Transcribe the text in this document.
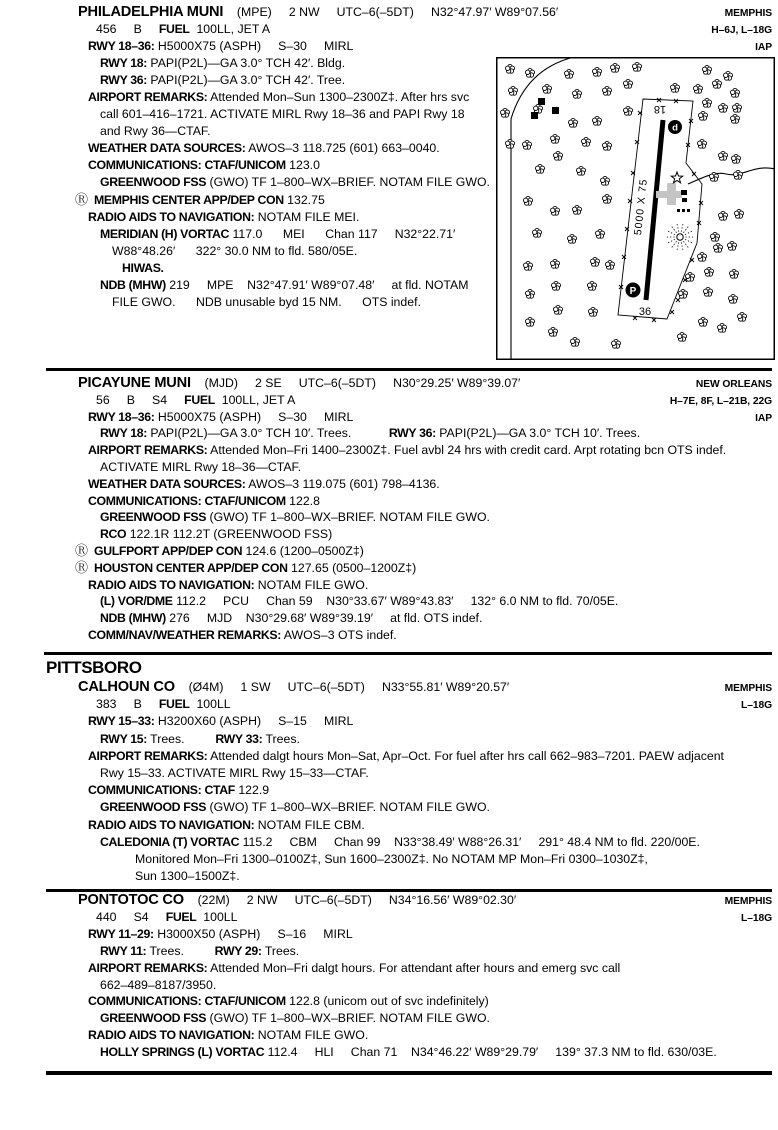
PHILADELPHIA MUNI    (MPE)     2 NW     UTC–6(–5DT)     N32°47.97′ W89°07.56′
456     B     FUEL  100LL, JET A
RWY 18–36: H5000X75 (ASPH)     S–30     MIRL
RWY 18: PAPI(P2L)—GA 3.0° TCH 42′. Bldg.
RWY 36: PAPI(P2L)—GA 3.0° TCH 42′. Tree.
AIRPORT REMARKS: Attended Mon–Sun 1300–2300Z‡. After hrs svc
call 601–416–1721. ACTIVATE MIRL Rwy 18–36 and PAPI Rwy 18
and Rwy 36—CTAF.
WEATHER DATA SOURCES: AWOS–3 118.725 (601) 663–0040.
COMMUNICATIONS: CTAF/UNICOM 123.0
GREENWOOD FSS (GWO) TF 1–800–WX–BRIEF. NOTAM FILE GWO.
Ⓡ MEMPHIS CENTER APP/DEP CON 132.75
RADIO AIDS TO NAVIGATION: NOTAM FILE MEI.
MERIDIAN (H) VORTAC 117.0      MEI      Chan 117     N32°22.71′
W88°48.26′      322° 30.0 NM to fld. 580/05E.
HIWAS.
NDB (MHW) 219     MPE    N32°47.91′ W89°07.48′     at fld. NOTAM
FILE GWO.      NDB unusable byd 15 NM.      OTS indef.
MEMPHIS
H–6J, L–18G
IAP
d
P
18
36
5000 X 75
PICAYUNE MUNI    (MJD)     2 SE     UTC–6(–5DT)     N30°29.25′ W89°39.07′
56     B     S4     FUEL  100LL, JET A
RWY 18–36: H5000X75 (ASPH)     S–30     MIRL
RWY 18: PAPI(P2L)—GA 3.0° TCH 10′. Trees.           RWY 36: PAPI(P2L)—GA 3.0° TCH 10′. Trees.
AIRPORT REMARKS: Attended Mon–Fri 1400–2300Z‡. Fuel avbl 24 hrs with credit card. Arpt rotating bcn OTS indef.
ACTIVATE MIRL Rwy 18–36—CTAF.
WEATHER DATA SOURCES: AWOS–3 119.075 (601) 798–4136.
COMMUNICATIONS: CTAF/UNICOM 122.8
GREENWOOD FSS (GWO) TF 1–800–WX–BRIEF. NOTAM FILE GWO.
RCO 122.1R 112.2T (GREENWOOD FSS)
Ⓡ GULFPORT APP/DEP CON 124.6 (1200–0500Z‡)
Ⓡ HOUSTON CENTER APP/DEP CON 127.65 (0500–1200Z‡)
RADIO AIDS TO NAVIGATION: NOTAM FILE GWO.
(L) VOR/DME 112.2     PCU     Chan 59    N30°33.67′ W89°43.83′     132° 6.0 NM to fld. 70/05E.
NDB (MHW) 276     MJD    N30°29.68′ W89°39.19′     at fld. OTS indef.
COMM/NAV/WEATHER REMARKS: AWOS–3 OTS indef.
NEW ORLEANS
H–7E, 8F, L–21B, 22G
IAP
PITTSBORO
CALHOUN CO    (Ø4M)     1 SW     UTC–6(–5DT)     N33°55.81′ W89°20.57′
383     B     FUEL  100LL
RWY 15–33: H3200X60 (ASPH)     S–15     MIRL
RWY 15: Trees.         RWY 33: Trees.
AIRPORT REMARKS: Attended dalgt hours Mon–Sat, Apr–Oct. For fuel after hrs call 662–983–7201. PAEW adjacent
Rwy 15–33. ACTIVATE MIRL Rwy 15–33—CTAF.
COMMUNICATIONS: CTAF 122.9
GREENWOOD FSS (GWO) TF 1–800–WX–BRIEF. NOTAM FILE GWO.
RADIO AIDS TO NAVIGATION: NOTAM FILE CBM.
CALEDONIA (T) VORTAC 115.2     CBM     Chan 99    N33°38.49′ W88°26.31′     291° 48.4 NM to fld. 220/00E.
Monitored Mon–Fri 1300–0100Z‡, Sun 1600–2300Z‡. No NOTAM MP Mon–Fri 0300–1030Z‡,
Sun 1300–1500Z‡.
MEMPHIS
L–18G
PONTOTOC CO    (22M)     2 NW     UTC–6(–5DT)     N34°16.56′ W89°02.30′
440     S4     FUEL  100LL
RWY 11–29: H3000X50 (ASPH)     S–16     MIRL
RWY 11: Trees.         RWY 29: Trees.
AIRPORT REMARKS: Attended Mon–Fri dalgt hours. For attendant after hours and emerg svc call
662–489–8187/3950.
COMMUNICATIONS: CTAF/UNICOM 122.8 (unicom out of svc indefinitely)
GREENWOOD FSS (GWO) TF 1–800–WX–BRIEF. NOTAM FILE GWO.
RADIO AIDS TO NAVIGATION: NOTAM FILE GWO.
HOLLY SPRINGS (L) VORTAC 112.4     HLI     Chan 71    N34°46.22′ W89°29.79′     139° 37.3 NM to fld. 630/03E.
MEMPHIS
L–18G
